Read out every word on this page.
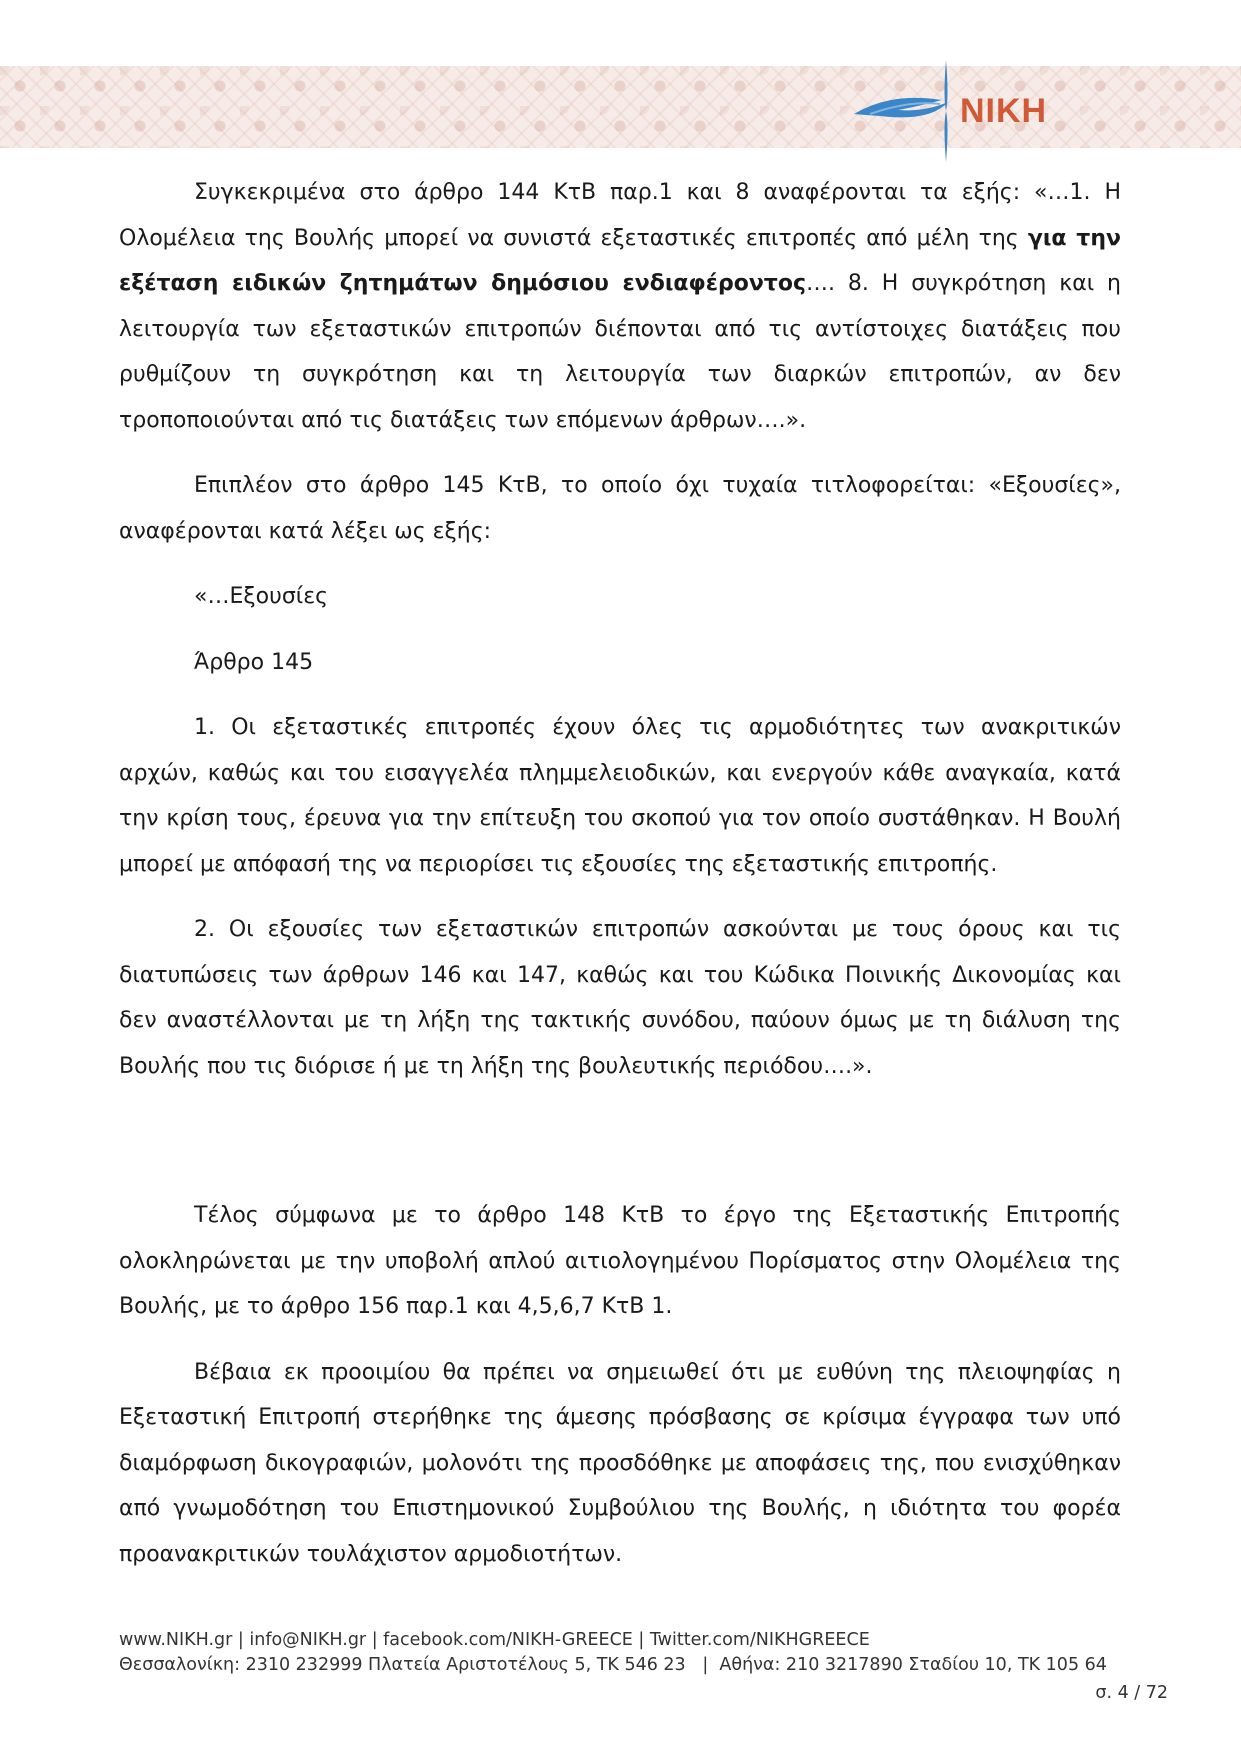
NIKH

Συγκεκριμένα στο άρθρο 144 ΚτΒ παρ.1 και 8 αναφέρονται τα εξής: «…1. Η Ολομέλεια της Βουλής μπορεί να συνιστά εξεταστικές επιτροπές από μέλη της για την εξέταση ειδικών ζητημάτων δημόσιου ενδιαφέροντος…. 8. Η συγκρότηση και η λειτουργία των εξεταστικών επιτροπών διέπονται από τις αντίστοιχες διατάξεις που ρυθμίζουν τη συγκρότηση και τη λειτουργία των διαρκών επιτροπών, αν δεν τροποποιούνται από τις διατάξεις των επόμενων άρθρων….».

Επιπλέον στο άρθρο 145 ΚτΒ, το οποίο όχι τυχαία τιτλοφορείται: «Εξουσίες», αναφέρονται κατά λέξει ως εξής:

«…Εξουσίες

Άρθρο 145

1. Οι εξεταστικές επιτροπές έχουν όλες τις αρμοδιότητες των ανακριτικών αρχών, καθώς και του εισαγγελέα πλημμελειοδικών, και ενεργούν κάθε αναγκαία, κατά την κρίση τους, έρευνα για την επίτευξη του σκοπού για τον οποίο συστάθηκαν. Η Βουλή μπορεί με απόφασή της να περιορίσει τις εξουσίες της εξεταστικής επιτροπής.

2. Οι εξουσίες των εξεταστικών επιτροπών ασκούνται με τους όρους και τις διατυπώσεις των άρθρων 146 και 147, καθώς και του Κώδικα Ποινικής Δικονομίας και δεν αναστέλλονται με τη λήξη της τακτικής συνόδου, παύουν όμως με τη διάλυση της Βουλής που τις διόρισε ή με τη λήξη της βουλευτικής περιόδου….».

Τέλος σύμφωνα με το άρθρο 148 ΚτΒ το έργο της Εξεταστικής Επιτροπής ολοκληρώνεται με την υποβολή απλού αιτιολογημένου Πορίσματος στην Ολομέλεια της Βουλής, με το άρθρο 156 παρ.1 και 4,5,6,7 ΚτΒ 1.

Βέβαια εκ προοιμίου θα πρέπει να σημειωθεί ότι με ευθύνη της πλειοψηφίας η Εξεταστική Επιτροπή στερήθηκε της άμεσης πρόσβασης σε κρίσιμα έγγραφα των υπό διαμόρφωση δικογραφιών, μολονότι της προσδόθηκε με αποφάσεις της, που ενισχύθηκαν από γνωμοδότηση του Επιστημονικού Συμβούλιου της Βουλής, η ιδιότητα του φορέα προανακριτικών τουλάχιστον αρμοδιοτήτων.

www.NIKH.gr | info@NIKH.gr | facebook.com/NIKH-GREECE | Twitter.com/NIKHGREECE
Θεσσαλονίκη: 2310 232999 Πλατεία Αριστοτέλους 5, ΤΚ 546 23   |  Αθήνα: 210 3217890 Σταδίου 10, ΤΚ 105 64
σ. 4 / 72
